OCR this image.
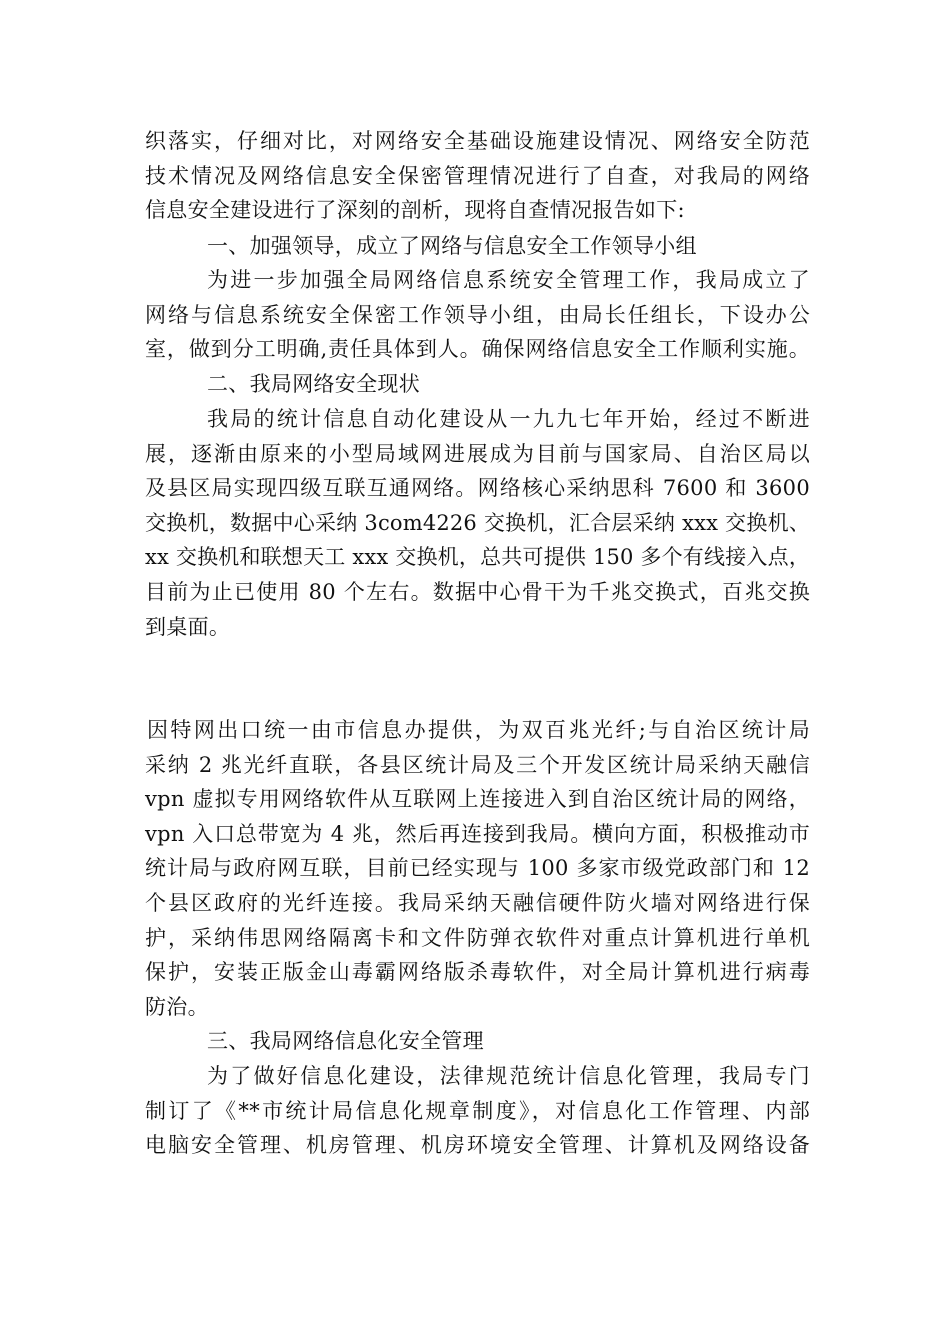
织落实，仔细对比，对网络安全基础设施建设情况、网络安全防范
技术情况及网络信息安全保密管理情况进行了自查，对我局的网络
信息安全建设进行了深刻的剖析，现将自查情况报告如下:
一、加强领导，成立了网络与信息安全工作领导小组
为进一步加强全局网络信息系统安全管理工作，我局成立了
网络与信息系统安全保密工作领导小组，由局长任组长，下设办公
室，做到分工明确,责任具体到人。确保网络信息安全工作顺利实施。
二、我局网络安全现状
我局的统计信息自动化建设从一九九七年开始，经过不断进
展，逐渐由原来的小型局域网进展成为目前与国家局、自治区局以
及县区局实现四级互联互通网络。网络核心采纳思科 7600 和 3600
交换机，数据中心采纳 3com4226 交换机，汇合层采纳 xxx 交换机、
xx 交换机和联想天工 xxx 交换机，总共可提供 150 多个有线接入点，
目前为止已使用 80 个左右。数据中心骨干为千兆交换式，百兆交换
到桌面。
因特网出口统一由市信息办提供，为双百兆光纤;与自治区统计局
采纳 2 兆光纤直联，各县区统计局及三个开发区统计局采纳天融信
vpn 虚拟专用网络软件从互联网上连接进入到自治区统计局的网络，
vpn 入口总带宽为 4 兆，然后再连接到我局。横向方面，积极推动市
统计局与政府网互联，目前已经实现与 100 多家市级党政部门和 12
个县区政府的光纤连接。我局采纳天融信硬件防火墙对网络进行保
护，采纳伟思网络隔离卡和文件防弹衣软件对重点计算机进行单机
保护，安装正版金山毒霸网络版杀毒软件，对全局计算机进行病毒
防治。
三、我局网络信息化安全管理
为了做好信息化建设，法律规范统计信息化管理，我局专门
制订了《**市统计局信息化规章制度》，对信息化工作管理、内部
电脑安全管理、机房管理、机房环境安全管理、计算机及网络设备
